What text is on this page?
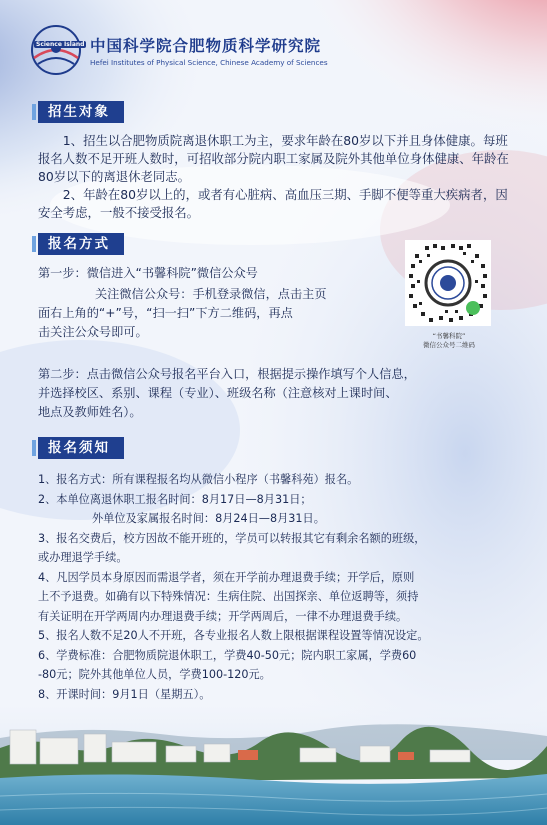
Science Island 中国科学院合肥物质科学研究院
Hefei Institutes of Physical Science, Chinese Academy of Sciences
招生对象

1、招生以合肥物质院离退休职工为主，要求年龄在80岁以下并且身体健康。每班报名人数不足开班人数时，可招收部分院内职工家属及院外其他单位身体健康、年龄在80岁以下的离退休老同志。

2、年龄在80岁以上的，或者有心脏病、高血压三期、手脚不便等重大疾病者，因安全考虑，一般不接受报名。

报名方式
第一步：微信进入“书馨科院”微信公众号
关注微信公众号：手机登录微信，点击主页
面右上角的“+”号，“扫一扫”下方二维码，再点
击关注公众号即可。	“书馨科院”
微信公众号二维码
第二步：点击微信公众号报名平台入口，根据提示操作填写个人信息，
并选择校区、系别、课程（专业）、班级名称（注意核对上课时间、
地点及教师姓名）。
报名须知
1、报名方式：所有课程报名均从微信小程序（书馨科苑）报名。
2、本单位离退休职工报名时间：8月17日—8月31日；
外单位及家属报名时间：8月24日—8月31日。
3、报名交费后，校方因故不能开班的，学员可以转报其它有剩余名额的班级，
或办理退学手续。
4、凡因学员本身原因而需退学者，须在开学前办理退费手续；开学后，原则
上不予退费。如确有以下特殊情况：生病住院、出国探亲、单位返聘等，须持
有关证明在开学两周内办理退费手续；开学两周后，一律不办理退费手续。
5、报名人数不足20人不开班，各专业报名人数上限根据课程设置等情况设定。
6、学费标准：合肥物质院退休职工，学费40-50元；院内职工家属，学费60
-80元；院外其他单位人员，学费100-120元。
8、开课时间：9月1日（星期五）。
